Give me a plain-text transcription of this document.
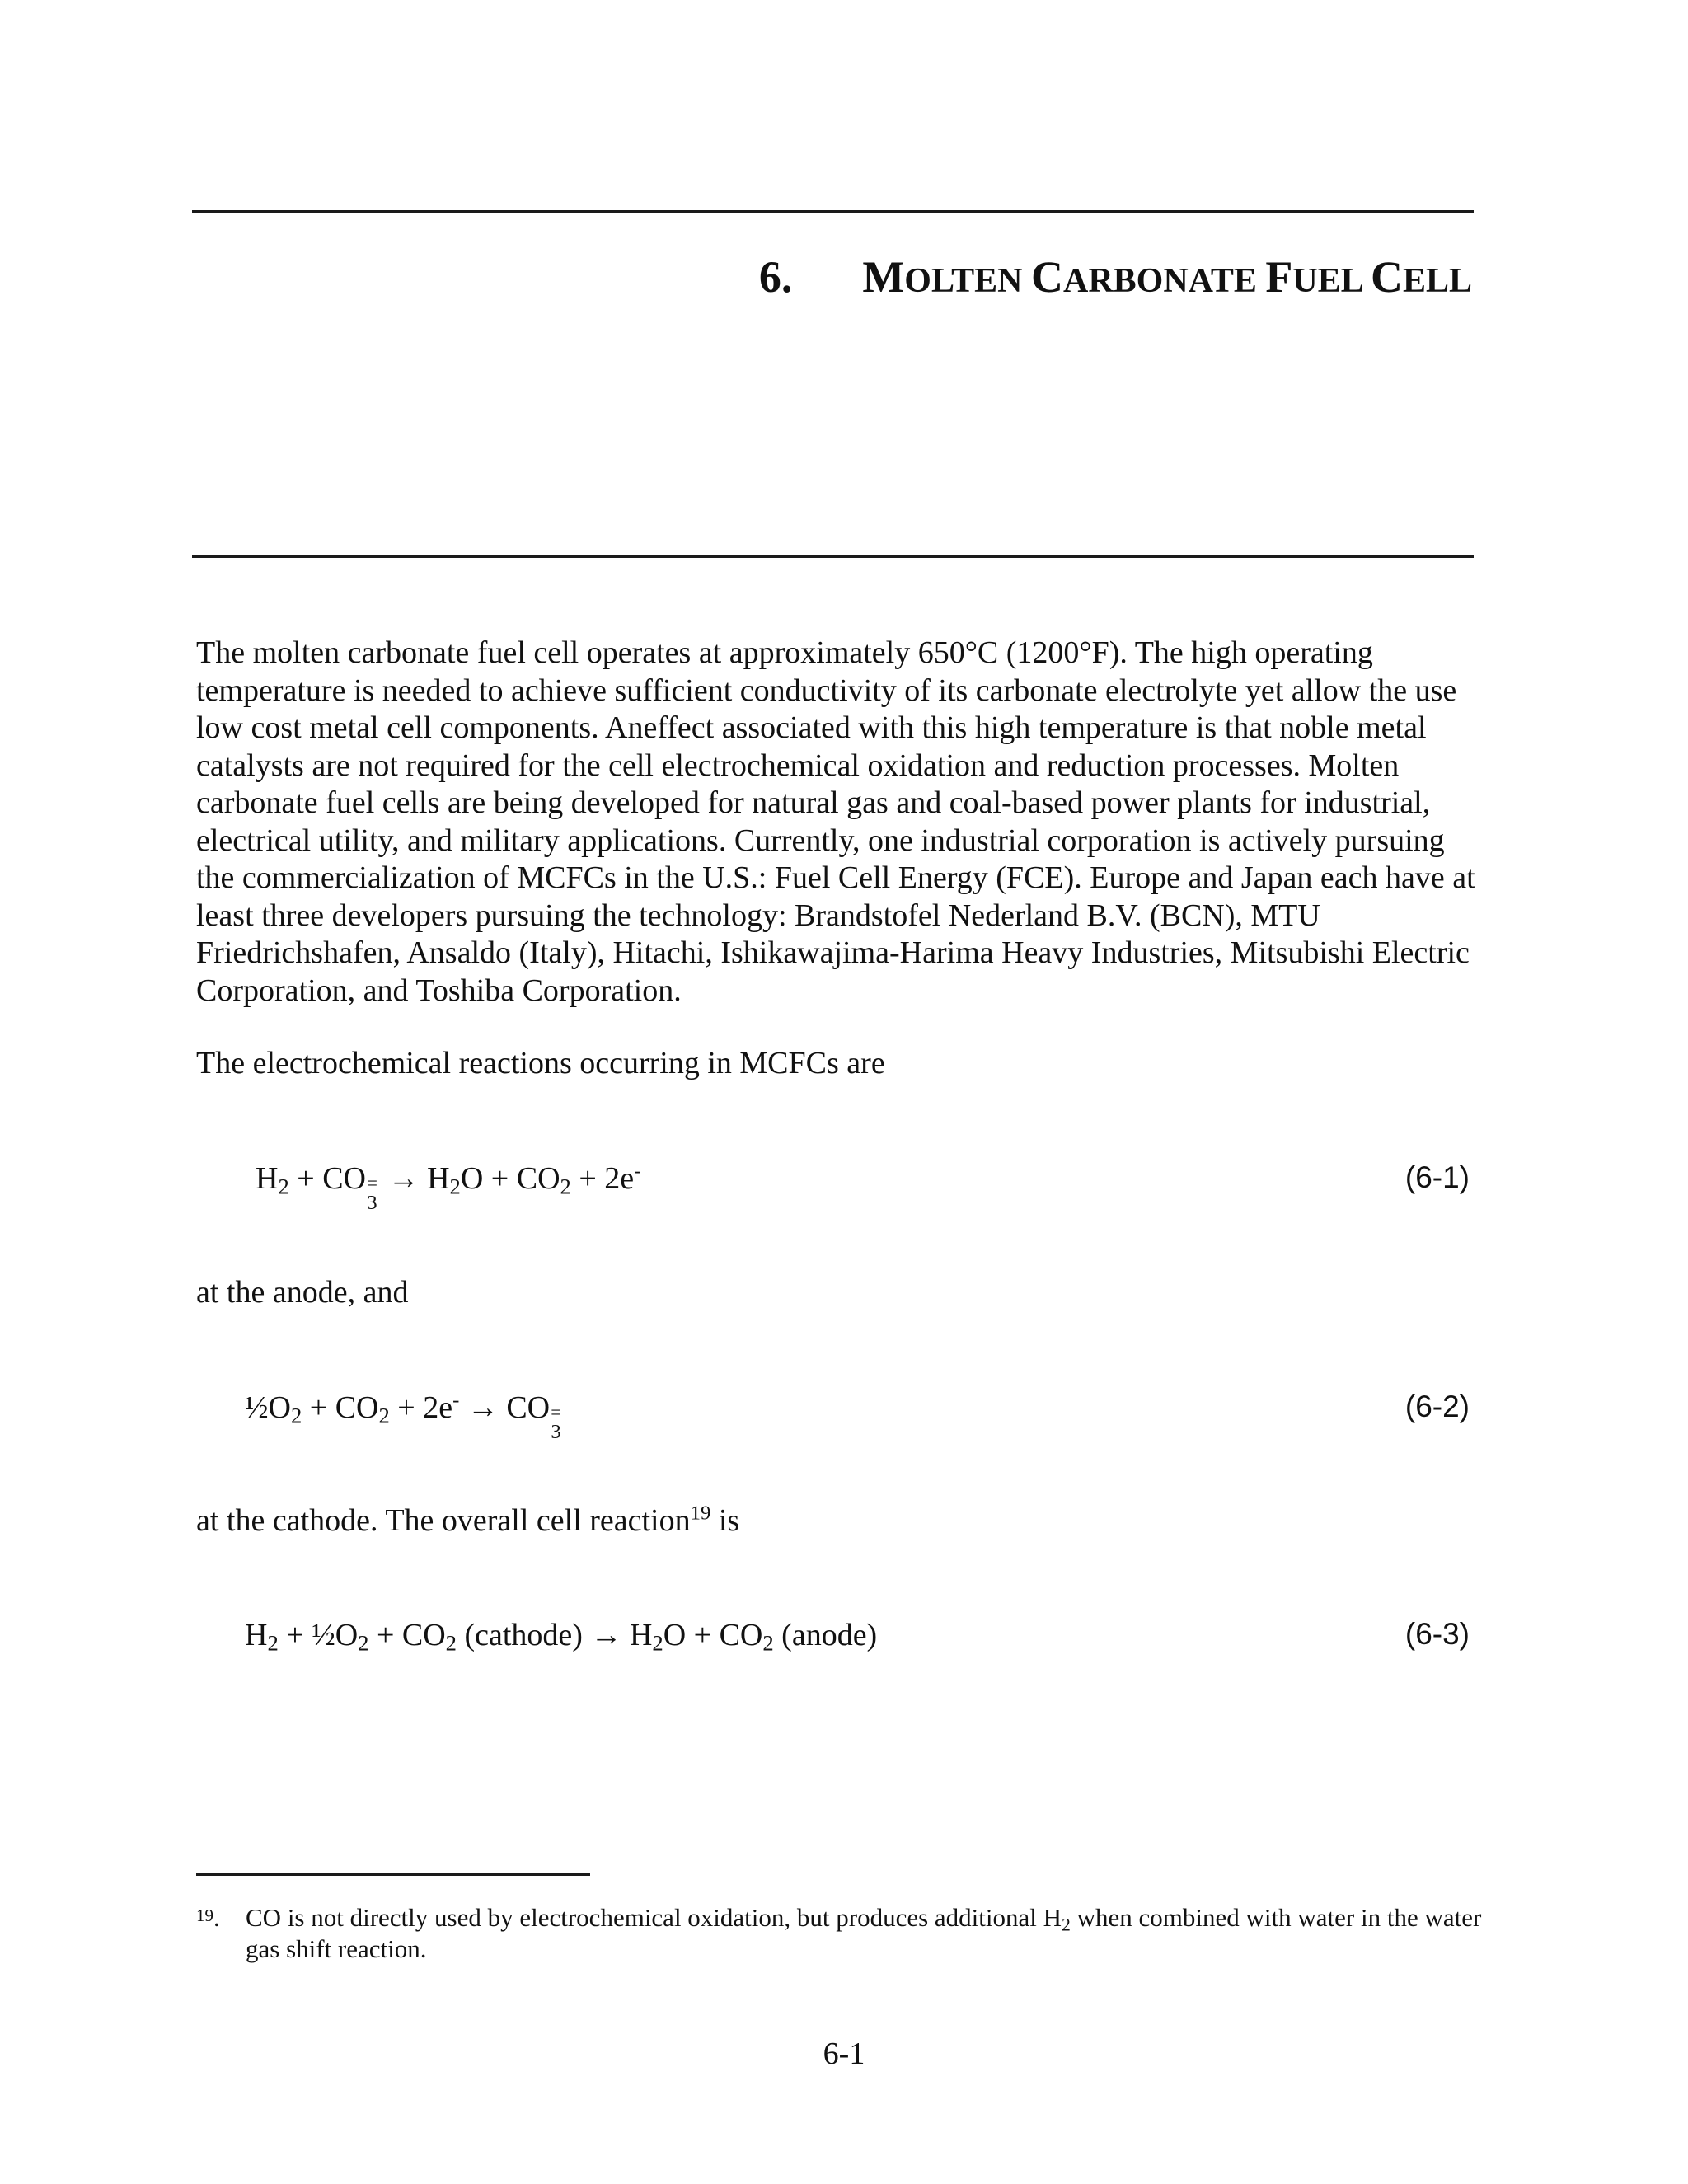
6. MOLTEN CARBONATE FUEL CELL

The molten carbonate fuel cell operates at approximately 650°C (1200°F). The high operating temperature is needed to achieve sufficient conductivity of its carbonate electrolyte yet allow the use low cost metal cell components. Aneffect associated with this high temperature is that noble metal catalysts are not required for the cell electrochemical oxidation and reduction processes. Molten carbonate fuel cells are being developed for natural gas and coal-based power plants for industrial, electrical utility, and military applications. Currently, one industrial corporation is actively pursuing the commercialization of MCFCs in the U.S.: Fuel Cell Energy (FCE). Europe and Japan each have at least three developers pursuing the technology: Brandstofel Nederland B.V. (BCN), MTU Friedrichshafen, Ansaldo (Italy), Hitachi, Ishikawajima-Harima Heavy Industries, Mitsubishi Electric Corporation, and Toshiba Corporation.

The electrochemical reactions occurring in MCFCs are

$H_2$ + CO =
3
→ $H_2O + CO_2 + 2e^-$	(6-1)

at the anode, and

$\frac{1}{2}O_2 + CO_2 + 2e^-$ → CO =
3
(6-2)

at the cathode. The overall cell reaction$^{19}$ is

$H_2$ + $\frac{1}{2}O_2 + CO_2$ (cathode) → $H_2O + CO_2$ (anode)	(6-3)
19. CO is not directly used by electrochemical oxidation, but produces additional $H_2$ when combined with water in the water gas shift reaction.
6-1
